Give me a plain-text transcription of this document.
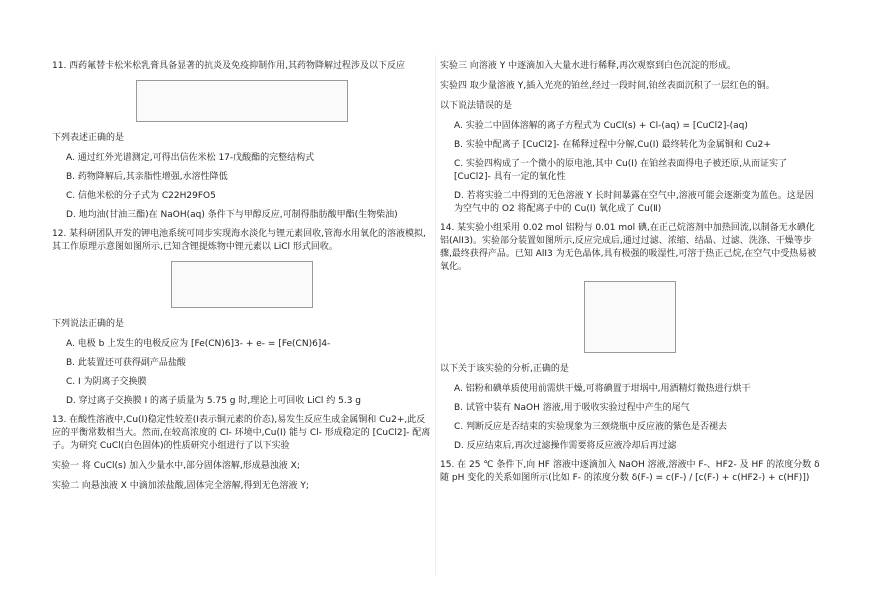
11. 西药氟替卡松米松乳膏具备显著的抗炎及免疫抑制作用,其药物降解过程涉及以下反应
下列表述正确的是
A. 通过红外光谱测定,可得出信佐米松 17-戊酸酯的完整结构式
B. 药物降解后,其亲脂性增强,水溶性降低
C. 信他米松的分子式为 C22H29FO5
D. 地均油(甘油三酯)在 NaOH(aq) 条件下与甲醇反应,可制得脂肪酸甲酯(生物柴油)
12. 某科研团队开发的钾电池系统可同步实现海水淡化与锂元素回收,管海水用氧化的溶液模拟,其工作原理示意图如图所示,已知含锂提炼物中锂元素以 LiCl 形式回收。
下列说法正确的是
A. 电极 b 上发生的电极反应为 [Fe(CN)6]3- + e- = [Fe(CN)6]4-
B. 此装置还可获得副产品盐酸
C. Ⅰ 为阴离子交换膜
D. 穿过离子交换膜 Ⅰ 的离子质量为 5.75 g 时,理论上可回收 LiCl 约 5.3 g
13. 在酸性溶液中,Cu(Ⅰ)稳定性较差(Ⅰ表示铜元素的价态),易发生反应生成金属铜和 Cu2+,此反应的平衡常数相当大。然而,在较高浓度的 Cl- 环境中,Cu(Ⅰ) 能与 Cl- 形成稳定的 [CuCl2]- 配离子。为研究 CuCl(白色固体)的性质研究小组进行了以下实验
实验一 将 CuCl(s) 加入少量水中,部分固体溶解,形成悬浊液 X;
实验二 向悬浊液 X 中滴加浓盐酸,固体完全溶解,得到无色溶液 Y;
实验三 向溶液 Y 中逐滴加入大量水进行稀释,再次观察到白色沉淀的形成。
实验四 取少量溶液 Y,插入光亮的铂丝,经过一段时间,铂丝表面沉积了一层红色的铜。
以下说法错误的是
A. 实验二中固体溶解的离子方程式为 CuCl(s) + Cl-(aq) = [CuCl2]-(aq)
B. 实验中配离子 [CuCl2]- 在稀释过程中分解,Cu(Ⅰ) 最终转化为金属铜和 Cu2+
C. 实验四构成了一个微小的原电池,其中 Cu(Ⅰ) 在铂丝表面得电子被还原,从而证实了 [CuCl2]- 具有一定的氧化性
D. 若将实验二中得到的无色溶液 Y 长时间暴露在空气中,溶液可能会逐渐变为蓝色。这是因为空气中的 O2 将配离子中的 Cu(Ⅰ) 氧化成了 Cu(Ⅱ)
14. 某实验小组采用 0.02 mol 铝粉与 0.01 mol 碘,在正己烷溶剂中加热回流,以制备无水碘化铝(AlI3)。实验部分装置如图所示,反应完成后,通过过滤、浓缩、结晶、过滤、洗涤、干燥等步骤,最终获得产品。已知 AlI3 为无色晶体,具有极强的吸湿性,可溶于热正己烷,在空气中受热易被氧化。
以下关于该实验的分析,正确的是
A. 铝粉和碘单质使用前需烘干燥,可将碘置于坩埚中,用酒精灯微热进行烘干
B. 试管中装有 NaOH 溶液,用于吸收实验过程中产生的尾气
C. 判断反应是否结束的实验现象为三颈烧瓶中反应液的紫色是否褪去
D. 反应结束后,再次过滤操作需要将反应液冷却后再过滤
15. 在 25 ℃ 条件下,向 HF 溶液中逐滴加入 NaOH 溶液,溶液中 F-、HF2- 及 HF 的浓度分数 δ 随 pH 变化的关系如图所示(比如 F- 的浓度分数 δ(F-) = c(F-) / [c(F-) + c(HF2-) + c(HF)])
